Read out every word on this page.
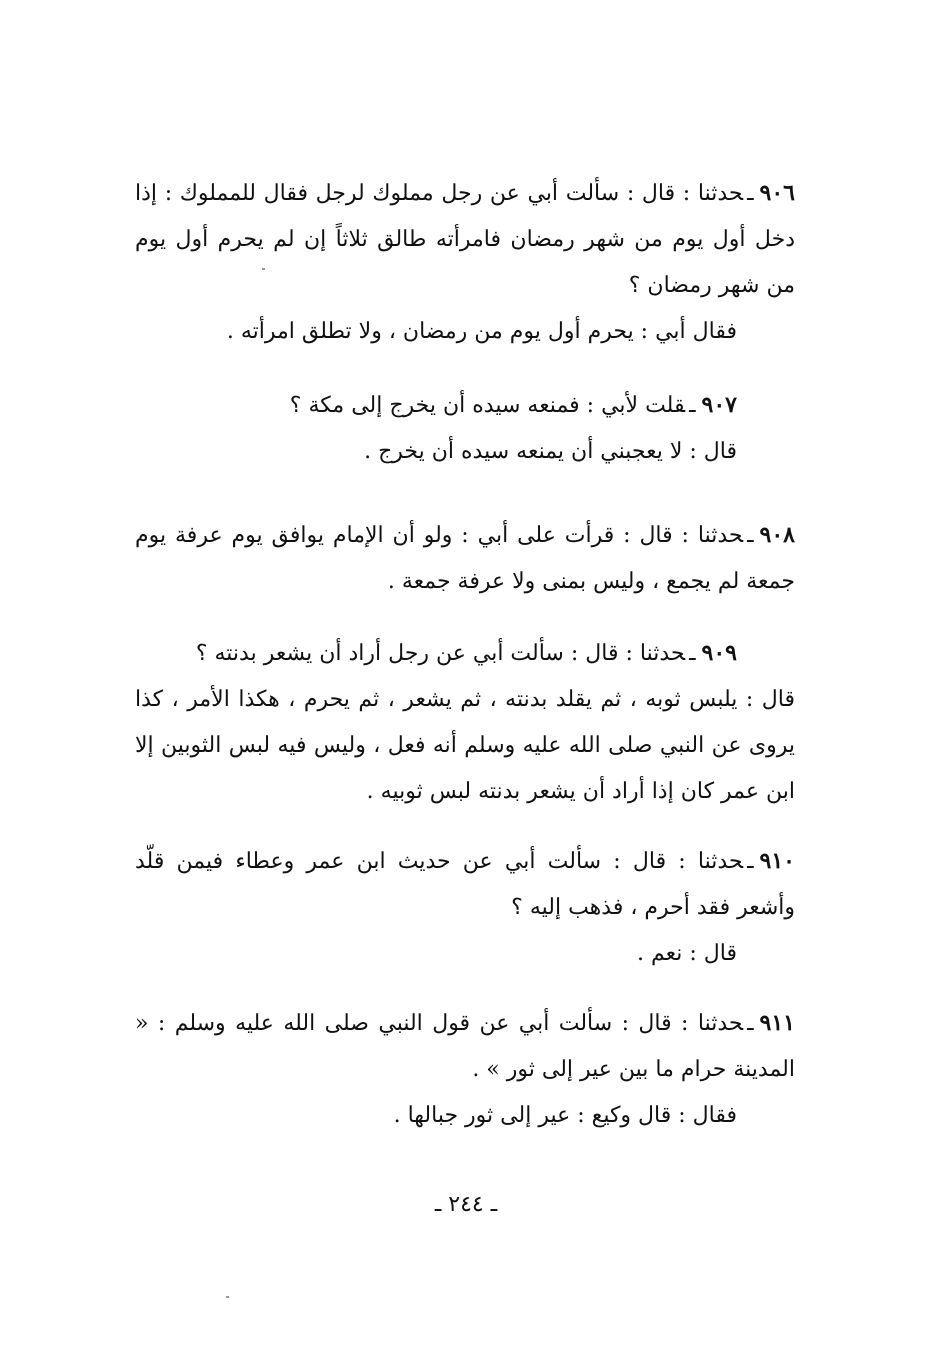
٩٠٦ـحدثنا : قال : سألت أبي عن رجل مملوك لرجل فقال للمملوك : إذا دخل أول يوم من شهر رمضان فامرأته طالق ثلاثاً إن لم يحرم أول يوم من شهر رمضان ؟

فقال أبي : يحرم أول يوم من رمضان ، ولا تطلق امرأته .

٩٠٧ـقلت لأبي : فمنعه سيده أن يخرج إلى مكة ؟

قال : لا يعجبني أن يمنعه سيده أن يخرج .

٩٠٨ـحدثنا : قال : قرأت على أبي : ولو أن الإمام يوافق يوم عرفة يوم جمعة لم يجمع ، وليس بمنى ولا عرفة جمعة .

٩٠٩ـحدثنا : قال : سألت أبي عن رجل أراد أن يشعر بدنته ؟

قال : يلبس ثوبه ، ثم يقلد بدنته ، ثم يشعر ، ثم يحرم ، هكذا الأمر ، كذا يروى عن النبي صلى الله عليه وسلم أنه فعل ، وليس فيه لبس الثوبين إلا ابن عمر كان إذا أراد أن يشعر بدنته لبس ثوبيه .

٩١٠ـحدثنا : قال : سألت أبي عن حديث ابن عمر وعطاء فيمن قلّد وأشعر فقد أحرم ، فذهب إليه ؟

قال : نعم .

٩١١ـحدثنا : قال : سألت أبي عن قول النبي صلى الله عليه وسلم : « المدينة حرام ما بين عير إلى ثور » .

فقال : قال وكيع : عير إلى ثور جبالها .

ـ ٢٤٤ ـ
